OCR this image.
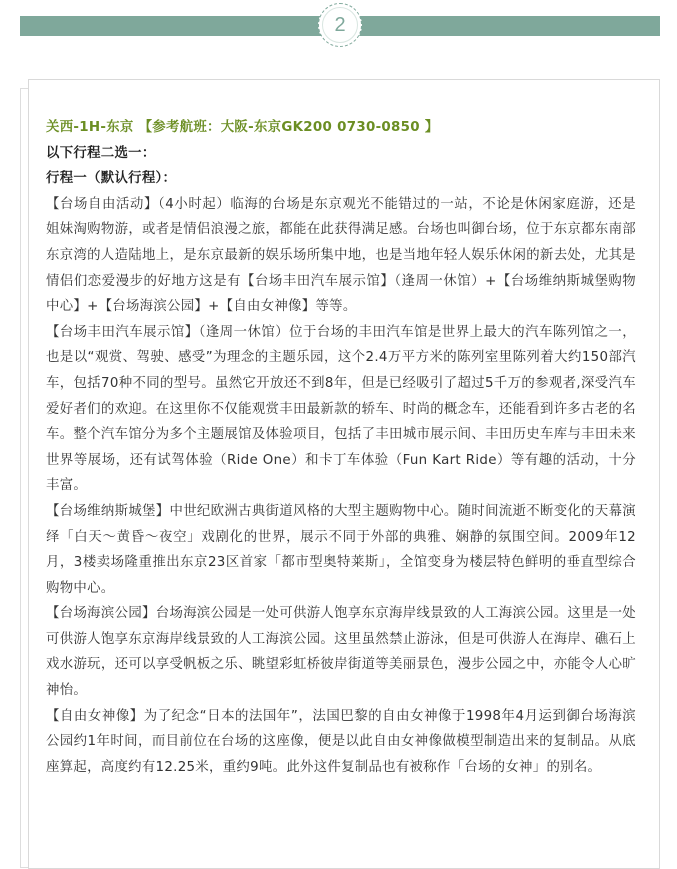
2

关西-1H-东京 【参考航班：大阪-东京GK200 0730-0850 】

以下行程二选一：

行程一（默认行程）：

【台场自由活动】（4小时起）临海的台场是东京观光不能错过的一站，不论是休闲家庭游，还是姐妹淘购物游，或者是情侣浪漫之旅，都能在此获得满足感。台场也叫御台场，位于东京都东南部东京湾的人造陆地上，是东京最新的娱乐场所集中地，也是当地年轻人娱乐休闲的新去处，尤其是情侣们恋爱漫步的好地方这是有【台场丰田汽车展示馆】（逢周一休馆）+【台场维纳斯城堡购物中心】+【台场海滨公园】+【自由女神像】等等。

【台场丰田汽车展示馆】（逢周一休馆）位于台场的丰田汽车馆是世界上最大的汽车陈列馆之一，也是以“观赏、驾驶、感受”为理念的主题乐园，这个2.4万平方米的陈列室里陈列着大约150部汽车，包括70种不同的型号。虽然它开放还不到8年，但是已经吸引了超过5千万的参观者,深受汽车爱好者们的欢迎。在这里你不仅能观赏丰田最新款的轿车、时尚的概念车，还能看到许多古老的名车。整个汽车馆分为多个主题展馆及体验项目，包括了丰田城市展示间、丰田历史车库与丰田未来世界等展场，还有试驾体验（Ride One）和卡丁车体验（Fun Kart Ride）等有趣的活动，十分丰富。

【台场维纳斯城堡】中世纪欧洲古典街道风格的大型主题购物中心。随时间流逝不断变化的天幕演绎「白天～黄昏～夜空」戏剧化的世界，展示不同于外部的典雅、娴静的氛围空间。2009年12月，3楼卖场隆重推出东京23区首家「都市型奥特莱斯」，全馆变身为楼层特色鲜明的垂直型综合购物中心。

【台场海滨公园】台场海滨公园是一处可供游人饱享东京海岸线景致的人工海滨公园。这里是一处可供游人饱享东京海岸线景致的人工海滨公园。这里虽然禁止游泳，但是可供游人在海岸、礁石上戏水游玩，还可以享受帆板之乐、眺望彩虹桥彼岸街道等美丽景色，漫步公园之中，亦能令人心旷神怡。

【自由女神像】为了纪念“日本的法国年”，法国巴黎的自由女神像于1998年4月运到御台场海滨公园约1年时间，而目前位在台场的这座像，便是以此自由女神像做模型制造出来的复制品。从底座算起，高度约有12.25米，重约9吨。此外这件复制品也有被称作「台场的女神」的别名。
